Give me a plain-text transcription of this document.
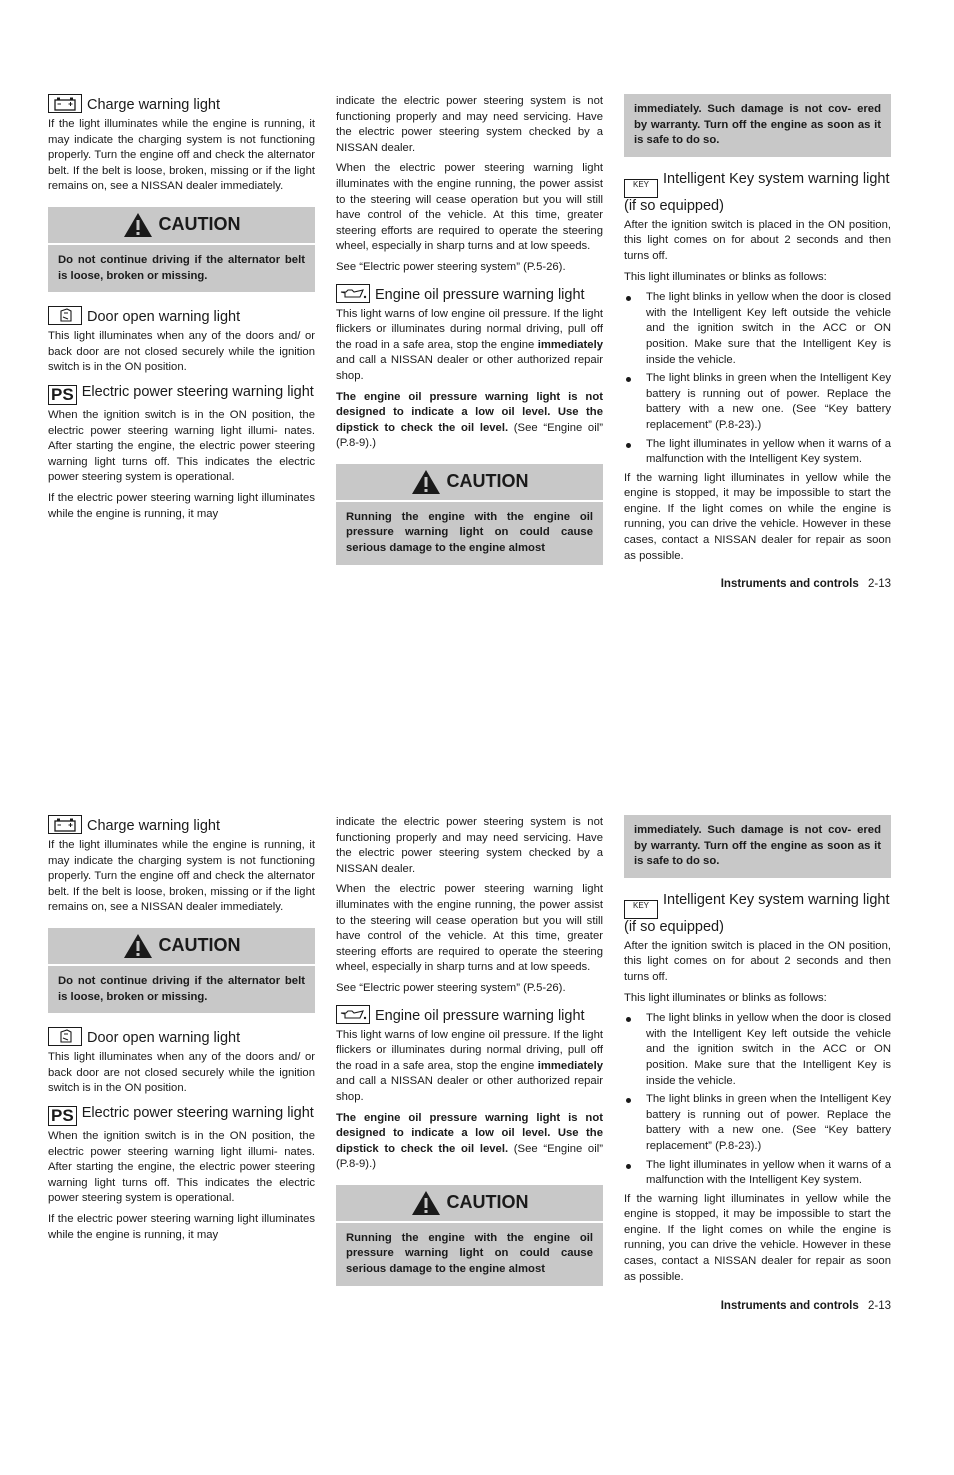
Charge warning light

If the light illuminates while the engine is running, it may indicate the charging system is not functioning properly. Turn the engine off and check the alternator belt. If the belt is loose, broken, missing or if the light remains on, see a NISSAN dealer immediately.

CAUTION
Do not continue driving if the alternator belt is loose, broken or missing.
Door open warning light

This light illuminates when any of the doors and/ or back door are not closed securely while the ignition switch is in the ON position.

PS Electric power steering warning light

When the ignition switch is in the ON position, the electric power steering warning light illumi- nates. After starting the engine, the electric power steering warning light turns off. This indicates the electric power steering system is operational.

If the electric power steering warning light illuminates while the engine is running, it may

indicate the electric power steering system is not functioning properly and may need servicing. Have the electric power steering system checked by a NISSAN dealer.

When the electric power steering warning light illuminates with the engine running, the power assist to the steering will cease operation but you will still have control of the vehicle. At this time, greater steering efforts are required to operate the steering wheel, especially in sharp turns and at low speeds.

See “Electric power steering system” (P.5-26).

Engine oil pressure warning light

This light warns of low engine oil pressure. If the light flickers or illuminates during normal driving, pull off the road in a safe area, stop the engine immediately and call a NISSAN dealer or other authorized repair shop.

The engine oil pressure warning light is not designed to indicate a low oil level. Use the dipstick to check the oil level. (See “Engine oil” (P.8-9).)

CAUTION
Running the engine with the engine oil pressure warning light on could cause serious damage to the engine almost
immediately. Such damage is not cov- ered by warranty. Turn off the engine as soon as it is safe to do so.
KEY Intelligent Key system warning light (if so equipped)

After the ignition switch is placed in the ON position, this light comes on for about 2 seconds and then turns off.

This light illuminates or blinks as follows:

The light blinks in yellow when the door is closed with the Intelligent Key left outside the vehicle and the ignition switch in the ACC or ON position. Make sure that the Intelligent Key is inside the vehicle.
The light blinks in green when the Intelligent Key battery is running out of power. Replace the battery with a new one. (See “Key battery replacement” (P.8-23).)
The light illuminates in yellow when it warns of a malfunction with the Intelligent Key system.

If the warning light illuminates in yellow while the engine is stopped, it may be impossible to start the engine. If the light comes on while the engine is running, you can drive the vehicle. However in these cases, contact a NISSAN dealer for repair as soon as possible.

Instruments and controls 2-13
Charge warning light

If the light illuminates while the engine is running, it may indicate the charging system is not functioning properly. Turn the engine off and check the alternator belt. If the belt is loose, broken, missing or if the light remains on, see a NISSAN dealer immediately.

CAUTION
Do not continue driving if the alternator belt is loose, broken or missing.
Door open warning light

This light illuminates when any of the doors and/ or back door are not closed securely while the ignition switch is in the ON position.

PS Electric power steering warning light

When the ignition switch is in the ON position, the electric power steering warning light illumi- nates. After starting the engine, the electric power steering warning light turns off. This indicates the electric power steering system is operational.

If the electric power steering warning light illuminates while the engine is running, it may

indicate the electric power steering system is not functioning properly and may need servicing. Have the electric power steering system checked by a NISSAN dealer.

When the electric power steering warning light illuminates with the engine running, the power assist to the steering will cease operation but you will still have control of the vehicle. At this time, greater steering efforts are required to operate the steering wheel, especially in sharp turns and at low speeds.

See “Electric power steering system” (P.5-26).

Engine oil pressure warning light

This light warns of low engine oil pressure. If the light flickers or illuminates during normal driving, pull off the road in a safe area, stop the engine immediately and call a NISSAN dealer or other authorized repair shop.

The engine oil pressure warning light is not designed to indicate a low oil level. Use the dipstick to check the oil level. (See “Engine oil” (P.8-9).)

CAUTION
Running the engine with the engine oil pressure warning light on could cause serious damage to the engine almost
immediately. Such damage is not cov- ered by warranty. Turn off the engine as soon as it is safe to do so.
KEY Intelligent Key system warning light (if so equipped)

After the ignition switch is placed in the ON position, this light comes on for about 2 seconds and then turns off.

This light illuminates or blinks as follows:

The light blinks in yellow when the door is closed with the Intelligent Key left outside the vehicle and the ignition switch in the ACC or ON position. Make sure that the Intelligent Key is inside the vehicle.
The light blinks in green when the Intelligent Key battery is running out of power. Replace the battery with a new one. (See “Key battery replacement” (P.8-23).)
The light illuminates in yellow when it warns of a malfunction with the Intelligent Key system.

If the warning light illuminates in yellow while the engine is stopped, it may be impossible to start the engine. If the light comes on while the engine is running, you can drive the vehicle. However in these cases, contact a NISSAN dealer for repair as soon as possible.

Instruments and controls 2-13
